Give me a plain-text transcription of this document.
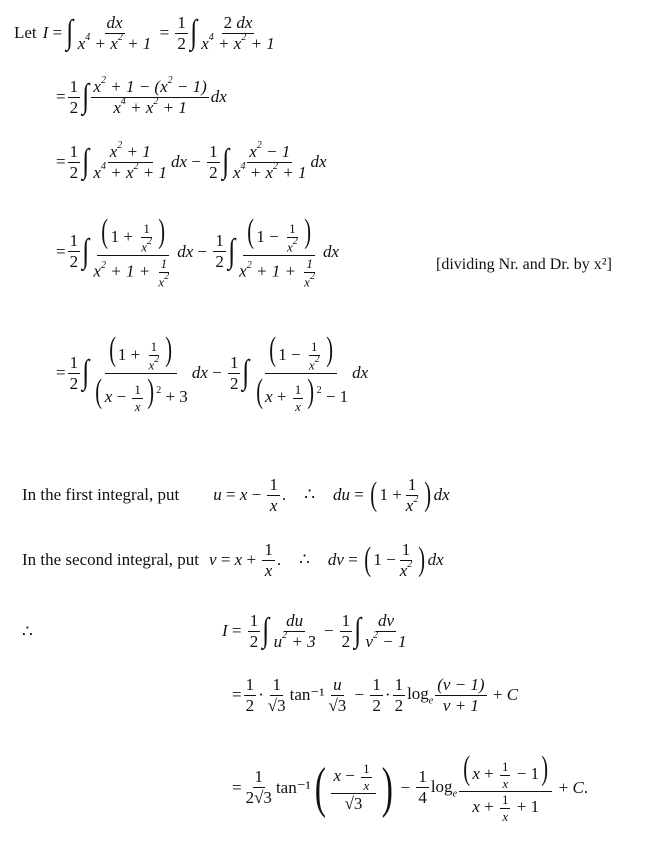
Let I = ∫ $\frac{dx}{x^4 + x^2 + 1} = \frac{1}{2}$ ∫ $\frac{2 dx}{x^4 + x^2 + 1}$
= $\frac{1}{2}$ ∫ $\frac{x^2 + 1 - (x^2 - 1)}{x^4 + x^2 + 1}$ dx
= $\frac{1}{2}$ ∫ $\frac{x^2 + 1}{x^4 + x^2 + 1}$ dx − $\frac{1}{2}$ ∫ $\frac{x^2 - 1}{x^4 + x^2 + 1}$ dx
= $\frac{1}{2}$ ∫ $\frac{( 1 + \frac{1}{x^2} )}{x^2 + 1 + \frac{1}{x^2}}$ dx − $\frac{1}{2}$ ∫ $\frac{( 1 - \frac{1}{x^2} )}{x^2 + 1 + \frac{1}{x^2}}$ dx
[dividing Nr. and Dr. by x²]
= $\frac{1}{2}$ ∫ $\frac{( 1 + \frac{1}{x^2} )}{( x - \frac{1}{x} ) ^2 + 3}$ dx − $\frac{1}{2}$ ∫ $\frac{( 1 - \frac{1}{x^2} )}{( x + \frac{1}{x} ) ^2 - 1}$ dx
In the first integral, put $u = x - \frac{1}{x}$ .
∴ du = ( $1 + \frac{1}{x^2}$ ) dx
In the second integral, put $v = x + \frac{1}{x}$ .
∴ dv = ( $1 - \frac{1}{x^2}$ ) dx
∴	$I = \frac{1}{2}$ ∫ $\frac{du}{u^2 + 3} - \frac{1}{2}$ ∫ $\frac{dv}{v^2 - 1}$
= $\frac{1}{2} \cdot \frac{1}{√3} \tan^{-1} \frac{u}{√3} - \frac{1}{2} \cdot \frac{1}{2} \log_e \frac{(v - 1)}{v + 1} + C$
= $\frac{1}{2√3} \tan^{-1}$ ( $\frac{x - \frac{1}{x}}{√3}$ ) − $\frac{1}{4} \log_e \frac{( x + \frac{1}{x} - 1)}{x + \frac{1}{x} + 1} + C$ .
